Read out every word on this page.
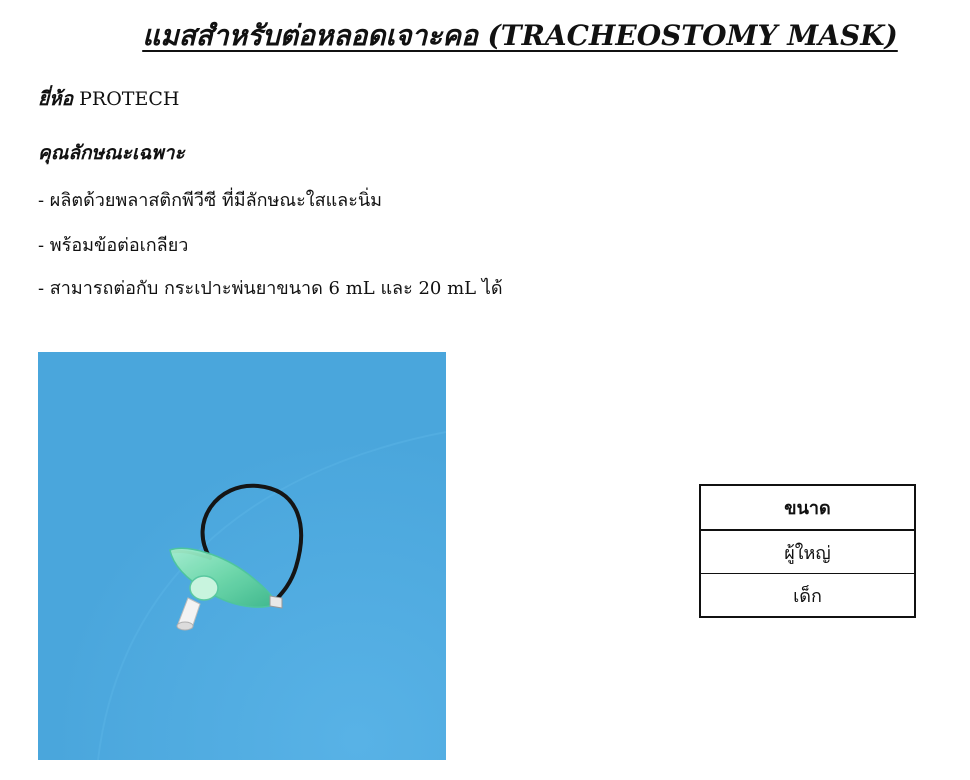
แมสสำหรับต่อหลอดเจาะคอ (TRACHEOSTOMY MASK)
ยี่ห้อ PROTECH
คุณลักษณะเฉพาะ
- ผลิตด้วยพลาสติกพีวีซี ที่มีลักษณะใสและนิ่ม
- พร้อมข้อต่อเกลียว
- สามารถต่อกับ กระเปาะพ่นยาขนาด 6 mL และ 20 mL ได้
ขนาด
ผู้ใหญ่
เด็ก
